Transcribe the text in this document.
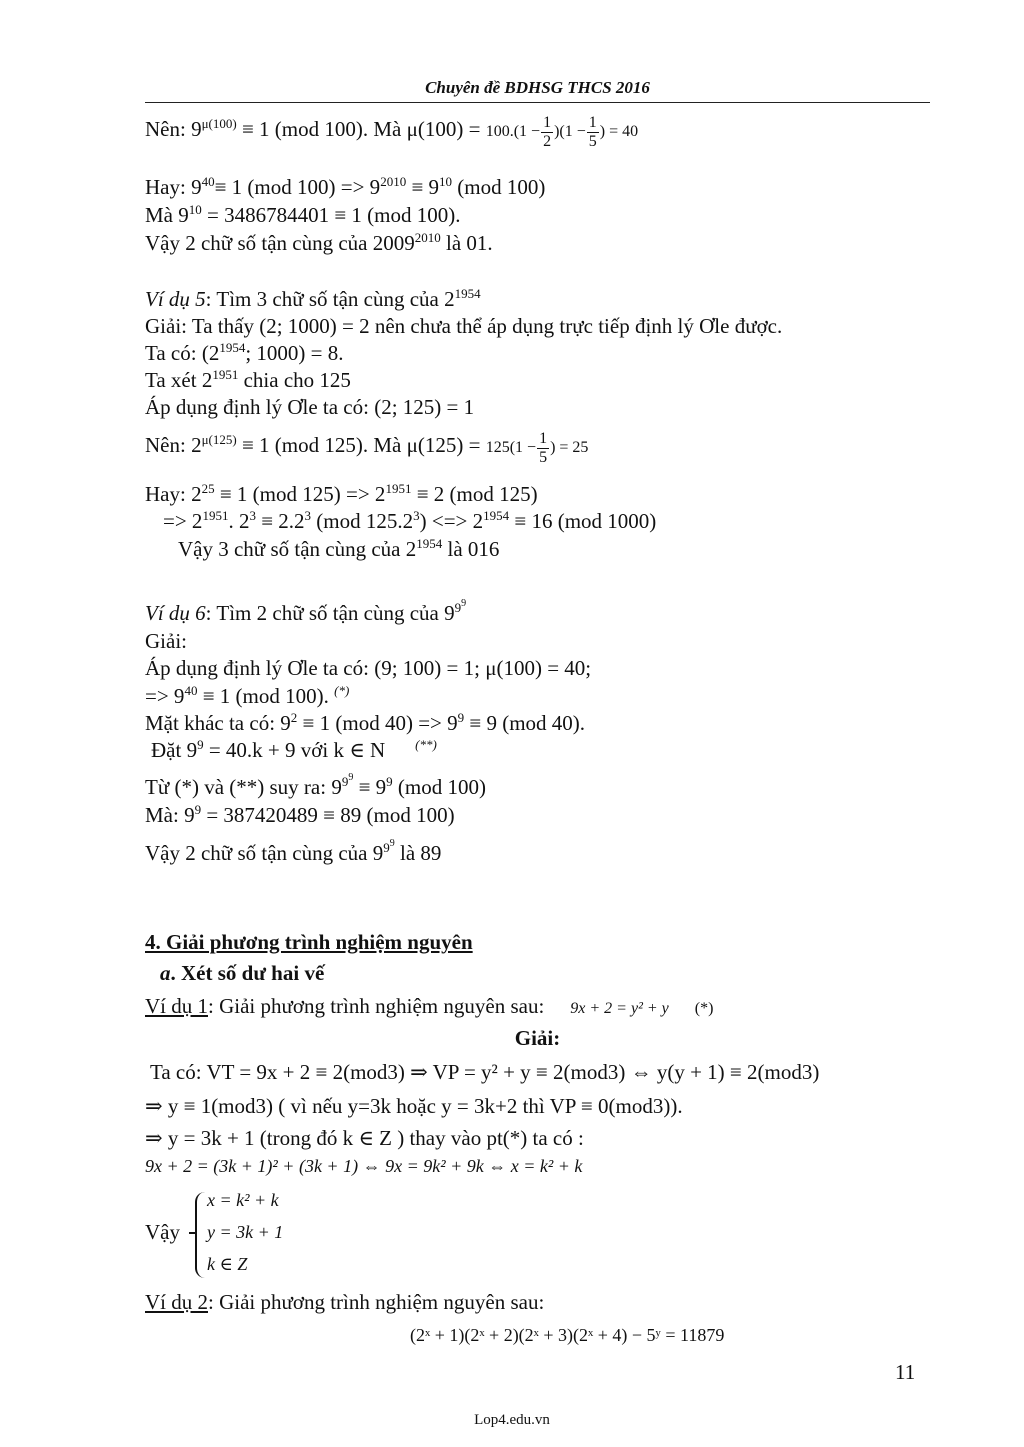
Chuyên đề BDHSG THCS 2016
Nên: $9^{\mu(100)} \equiv 1$ (mod 100). Mà $\mu(100) = 100.(1 - \frac{1}{2} )(1 - \frac{1}{5}$ ) = 40
Hay: $9^{40}\equiv 1$ (mod $100) => 9^{2010} \equiv 9^{10}$ (mod 100)
Mà $9^{10} = 3486784401 \equiv 1$ (mod 100).
Vậy 2 chữ số tận cùng của $2009^{2010}$ là 01.
Ví dụ 5: Tìm 3 chữ số tận cùng của $2^{1954}$
Giải: Ta thấy (2; 1000) = 2 nên chưa thể áp dụng trực tiếp định lý Ơle được.
Ta có: ($2^{1954}$; 1000) = 8.
Ta xét $2^{1951}$ chia cho 125
Áp dụng định lý Ơle ta có: (2; 125) = 1
Nên: $2^{\mu(125)} \equiv 1$ (mod 125). Mà $\mu(125) = 125(1 - \frac{1}{5}$ ) = 25
Hay: $2^{25} \equiv 1$ (mod $125) => 2^{1951} \equiv 2$ (mod 125)
=> $2^{1951}$. $2^3 \equiv 2.2^3$ (mod $125.2^3$) <=> $2^{1954} \equiv 16$ (mod 1000)
Vậy 3 chữ số tận cùng của $2^{1954}$ là 016
Ví dụ 6: Tìm 2 chữ số tận cùng của $9^{9^9}$
Giải:
Áp dụng định lý Ơle ta có: (9; 100) = 1; μ(100) = 40;
=> $9^{40} \equiv 1$ (mod 100). (*)
Mặt khác ta có: $9^2 \equiv 1$ (mod $40) => 9^9 \equiv 9$ (mod 40).
Đặt $9^9 = 40.k + 9$ với k ∈ N (**)
Từ (*) và (**) suy ra: $9^{9^9} \equiv 9^9$ (mod 100)
Mà: $9^9 = 387420489 \equiv 89$ (mod 100)
Vậy 2 chữ số tận cùng của $9^{9^9}$ là 89
4. Giải phương trình nghiệm nguyên
a. Xét số dư hai vế
Ví dụ 1: Giải phương trình nghiệm nguyên sau: 9x + 2 = y² + y (*)
Giải:
Ta có: VT = 9x + 2 ≡ 2(mod3) ⇒ VP = y² + y ≡ 2(mod3) ⇔ y(y + 1) ≡ 2(mod3)
⇒ y ≡ 1(mod3) ( vì nếu y=3k hoặc y = 3k+2 thì VP ≡ 0(mod3)).
⇒ y = 3k + 1 (trong đó k ∈ Z ) thay vào pt(*) ta có :
9x + 2 = (3k + 1)² + (3k + 1) ⇔ 9x = 9k² + 9k ⇔ x = k² + k
Vậy
x = k² + k
y = 3k + 1
k ∈ Z
Ví dụ 2: Giải phương trình nghiệm nguyên sau:
(2ˣ + 1)(2ˣ + 2)(2ˣ + 3)(2ˣ + 4) − 5ʸ = 11879
11
Lop4.edu.vn
